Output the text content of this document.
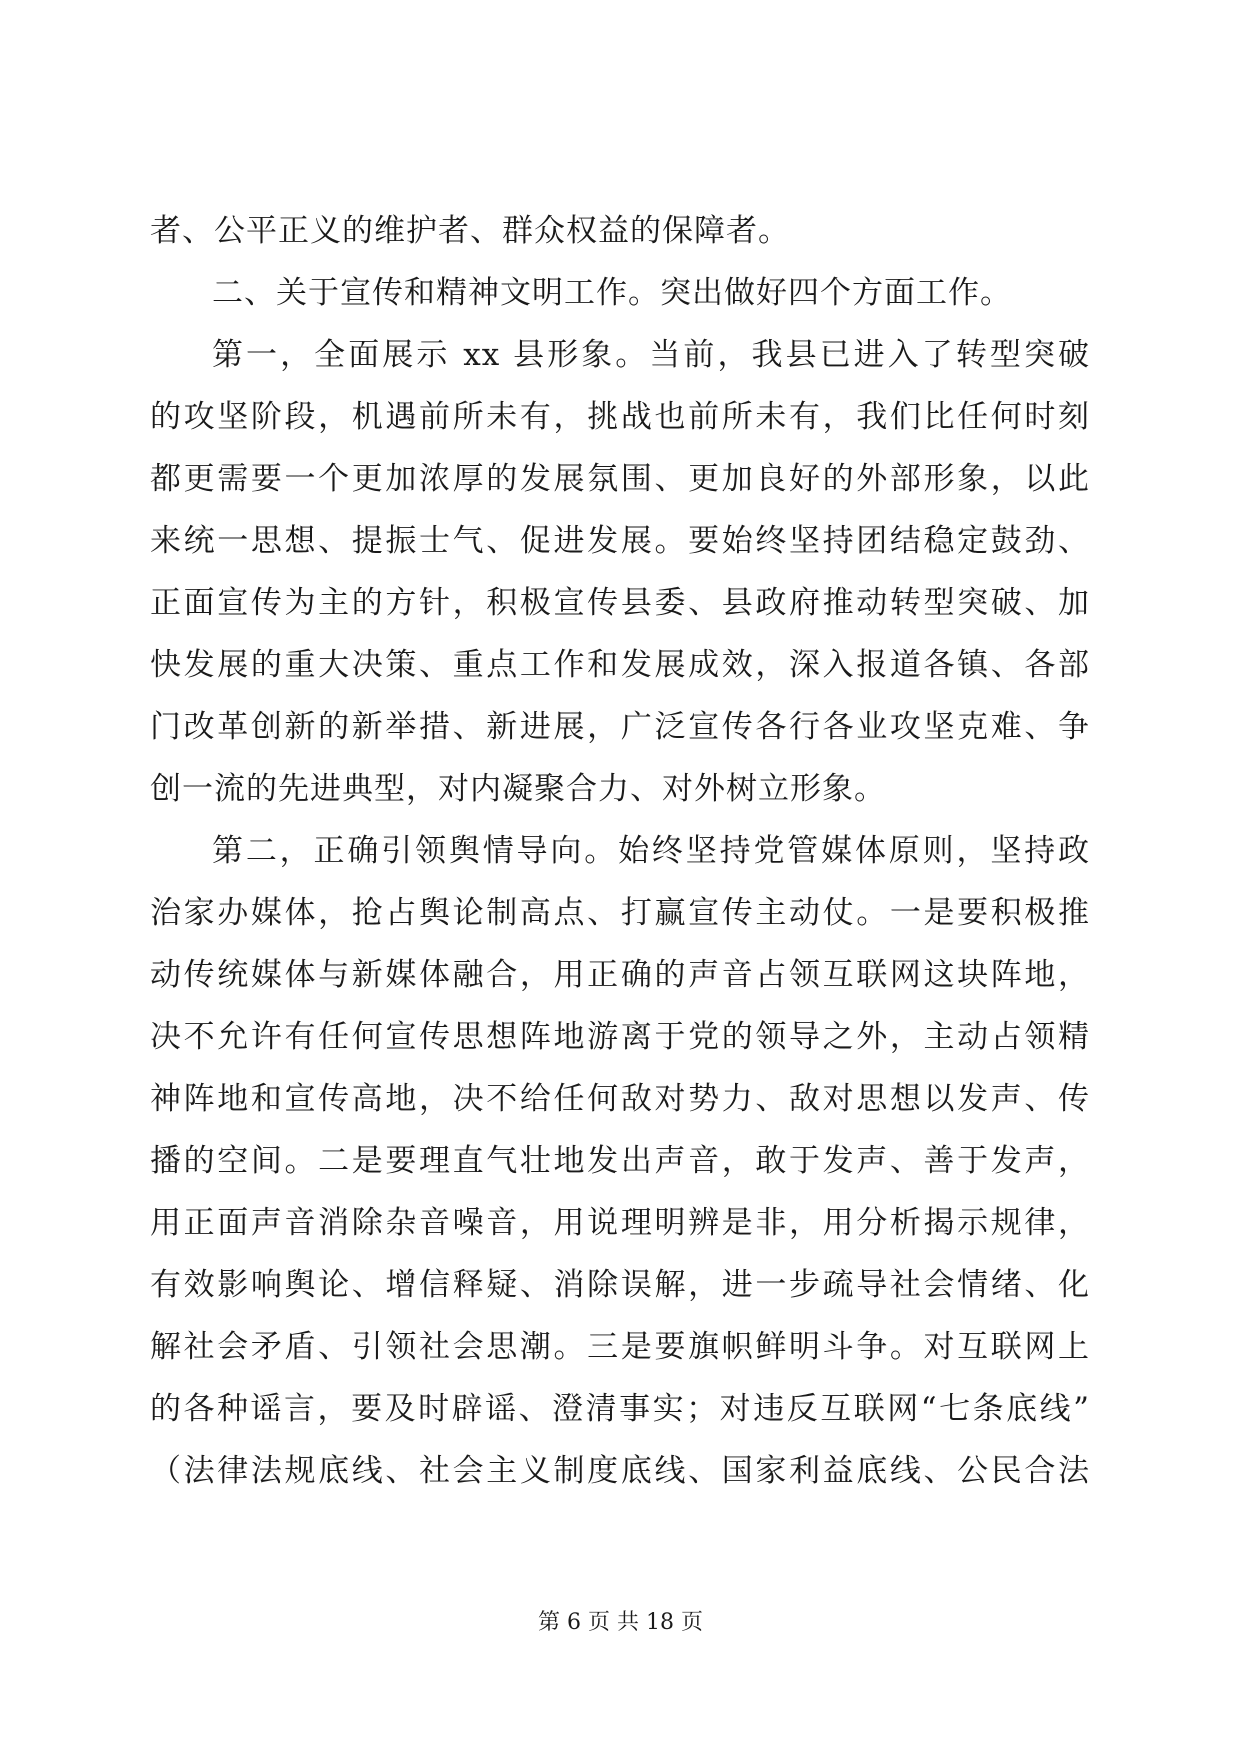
者、公平正义的维护者、群众权益的保障者。
二、关于宣传和精神文明工作。突出做好四个方面工作。
第一，全面展示 xx 县形象。当前，我县已进入了转型突破
的攻坚阶段，机遇前所未有，挑战也前所未有，我们比任何时刻
都更需要一个更加浓厚的发展氛围、更加良好的外部形象，以此
来统一思想、提振士气、促进发展。要始终坚持团结稳定鼓劲、
正面宣传为主的方针，积极宣传县委、县政府推动转型突破、加
快发展的重大决策、重点工作和发展成效，深入报道各镇、各部
门改革创新的新举措、新进展，广泛宣传各行各业攻坚克难、争
创一流的先进典型，对内凝聚合力、对外树立形象。
第二，正确引领舆情导向。始终坚持党管媒体原则，坚持政
治家办媒体，抢占舆论制高点、打赢宣传主动仗。一是要积极推
动传统媒体与新媒体融合，用正确的声音占领互联网这块阵地，
决不允许有任何宣传思想阵地游离于党的领导之外，主动占领精
神阵地和宣传高地，决不给任何敌对势力、敌对思想以发声、传
播的空间。二是要理直气壮地发出声音，敢于发声、善于发声，
用正面声音消除杂音噪音，用说理明辨是非，用分析揭示规律，
有效影响舆论、增信释疑、消除误解，进一步疏导社会情绪、化
解社会矛盾、引领社会思潮。三是要旗帜鲜明斗争。对互联网上
的各种谣言，要及时辟谣、澄清事实；对违反互联网“七条底线”
（法律法规底线、社会主义制度底线、国家利益底线、公民合法
第 6 页 共 18 页
